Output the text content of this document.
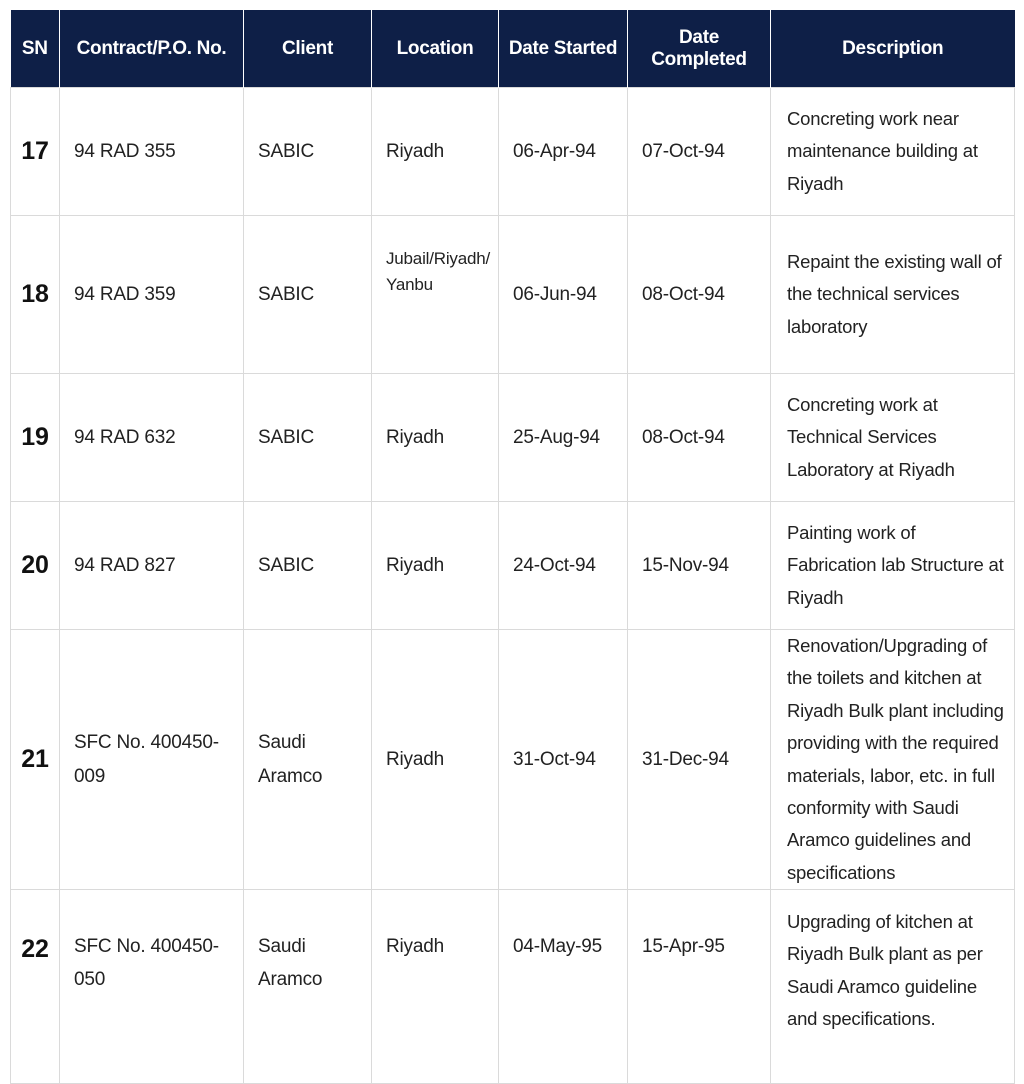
SN	Contract/P.O. No.	Client	Location	Date Started	Date Completed	Description
17	94 RAD 355	SABIC	Riyadh	06-Apr-94	07-Oct-94	Concreting work near maintenance building at Riyadh
18	94 RAD 359	SABIC	Jubail/Riyadh/Yanbu	06-Jun-94	08-Oct-94	Repaint the existing wall of the technical services laboratory
19	94 RAD 632	SABIC	Riyadh	25-Aug-94	08-Oct-94	Concreting work at Technical Services Laboratory at Riyadh
20	94 RAD 827	SABIC	Riyadh	24-Oct-94	15-Nov-94	Painting work of Fabrication lab Structure at Riyadh
21	SFC No. 400450-009	Saudi Aramco	Riyadh	31-Oct-94	31-Dec-94	Renovation/Upgrading of the toilets and kitchen at Riyadh Bulk plant including providing with the required materials, labor, etc. in full conformity with Saudi Aramco guidelines and specifications
22	SFC No. 400450-050	Saudi Aramco	Riyadh	04-May-95	15-Apr-95	Upgrading of kitchen at Riyadh Bulk plant as per Saudi Aramco guideline and specifications.
